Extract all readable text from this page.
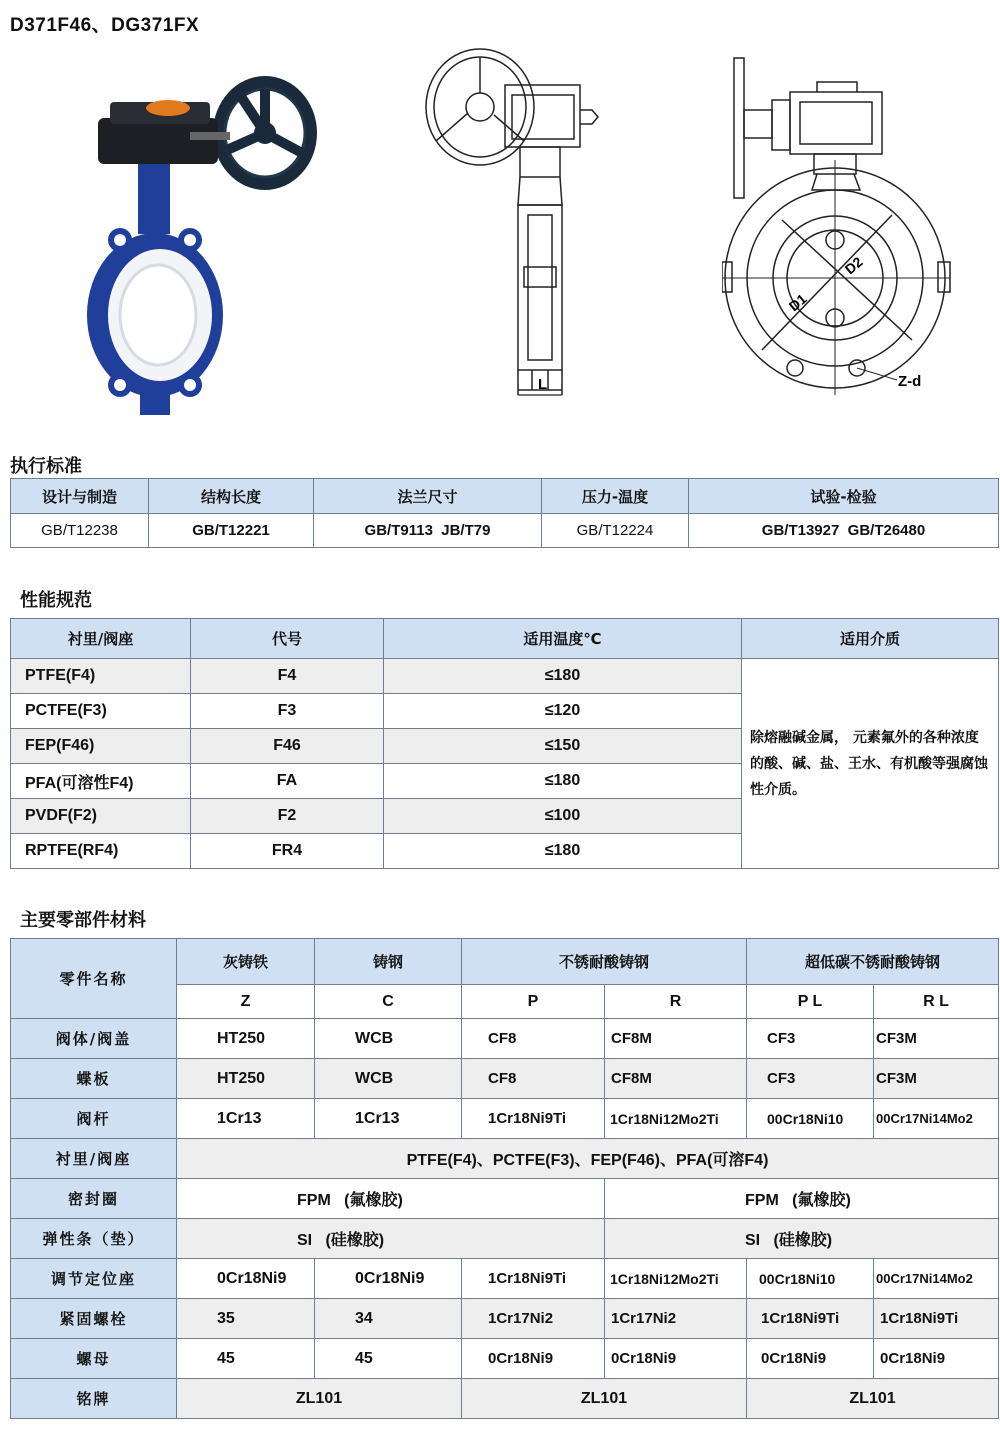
D371F46、DG371FX
L
D2
D1
Z-d
执行标准
设计与制造	结构长度	法兰尺寸	压力-温度	试验-检验
GB/T12238	GB/T12221	GB/T9113  JB/T79	GB/T12224	GB/T13927  GB/T26480
性能规范
衬里/阀座	代号	适用温度℃	适用介质
PTFE(F4)	F4	≤180	除熔融碱金属， 元素氟外的各种浓度的酸、碱、盐、王水、有机酸等强腐蚀性介质。
PCTFE(F3)	F3	≤120	
FEP(F46)	F46	≤150	
PFA(可溶性F4)	FA	≤180	
PVDF(F2)	F2	≤100	
RPTFE(RF4)	FR4	≤180	
主要零部件材料
零件名称	灰铸铁	铸钢	不锈耐酸铸钢		超低碳不锈耐酸铸钢	
	Z	C	P	R	P L	R L
阀体/阀盖	HT250	WCB	CF8	CF8M	CF3	CF3M
蝶板	HT250	WCB	CF8	CF8M	CF3	CF3M
阀杆	1Cr13	1Cr13	1Cr18Ni9Ti	1Cr18Ni12Mo2Ti	00Cr18Ni10	00Cr17Ni14Mo2
衬里/阀座	PTFE(F4)、PCTFE(F3)、FEP(F46)、PFA(可溶F4)					
密封圈	FPM   (氟橡胶)			FPM   (氟橡胶)		
弹性条（垫）	SI   (硅橡胶)			SI   (硅橡胶)		
调节定位座	0Cr18Ni9	0Cr18Ni9	1Cr18Ni9Ti	1Cr18Ni12Mo2Ti	00Cr18Ni10	00Cr17Ni14Mo2
紧固螺栓	35	34	1Cr17Ni2	1Cr17Ni2	1Cr18Ni9Ti	1Cr18Ni9Ti
螺母	45	45	0Cr18Ni9	0Cr18Ni9	0Cr18Ni9	0Cr18Ni9
铭牌	ZL101		ZL101		ZL101	
